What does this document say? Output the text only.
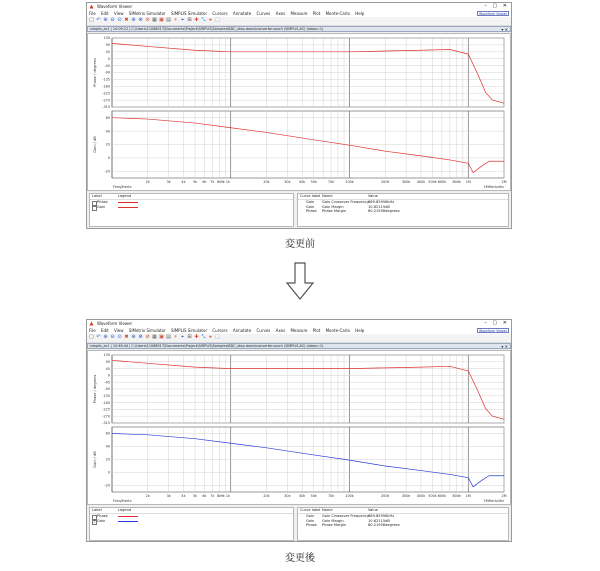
Waveform Viewer	– ▢ ✕
File Edit View SIMetrix Simulator SIMPLIS Simulator Cursors Annotate Curves Axes Measure Plot Monte-Carlo Help	Waveform Viewer
▢ ↶ ⊕ ⊖ ⊙ ✖ ⊕ ⊗ ⊘ ▦ ▣ ▤ ⚡ ⌖ ⊞ ✚ ⤡ ⚹ ⬚
simplis_ac1 | 10:09:21 | C:\Users\11088017\Documents\Project\SIMPLIS\Samples\BDC_step-down\converter.sxsch (SIMPLIS-AC) (steps=1)	▾ ✕
2k	3k	4k 5k 6k 7k 8k 9k 1k	20k	30k	40k 50k	70k	100k	200k	300k 400k 500k 600k 800k 1M	2M
Freq/Hertz	2MHertz/div
135
90
45
0
-45
-90
-135
-180
-225
-270
-315
Phase / degrees
60
40
20
0
-20
Gain / dB
Label	Legend
Phase
Gain
Curve label Name	Value
Gain Gain Crossover Frequency 689.85956kHz
Gain Gain Margin	10.62115dB
Phase Phase Margin	60.21956degrees
変更前
Waveform Viewer	– ▢ ✕
File Edit View SIMetrix Simulator SIMPLIS Simulator Cursors Annotate Curves Axes Measure Plot Monte-Carlo Help	Waveform Viewer
▢ ↶ ⊕ ⊖ ⊙ ✖ ⊕ ⊗ ⊘ ▦ ▣ ▤ ⚡ ⌖ ⊞ ✚ ⤡ ⚹ ⬚
simplis_ac1 | 10:48:44 | C:\Users\11088017\Documents\Project\SIMPLIS\Samples\BDC_step-down\converter.sxsch (SIMPLIS-AC) (steps=1)	▾ ✕
2k	3k	4k 5k 6k 7k 8k 9k 1k	20k	30k	40k 50k	70k	100k	200k	300k 400k 500k 600k 800k 1M	2M
Freq/Hertz	2MHertz/div
135
90
45
0
-45
-90
-135
-180
-225
-270
-315
Phase / degrees
60
40
20
0
-20
Gain / dB
Label	Legend
Phase
✓ Gain
Curve label Name	Value
Gain Gain Crossover Frequency 689.85956kHz
Gain Gain Margin	10.62115dB
Phase Phase Margin	60.21956degrees
変更後
